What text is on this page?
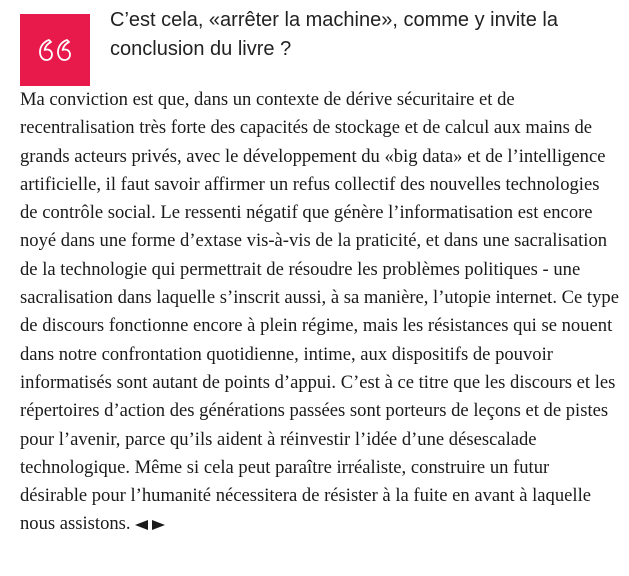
C’est cela, «arrêter la machine», comme y invite la conclusion du livre ?

Ma conviction est que, dans un contexte de dérive sécuritaire et de recentralisation très forte des capacités de stockage et de calcul aux mains de grands acteurs privés, avec le développement du «big data» et de l’intelligence artificielle, il faut savoir affirmer un refus collectif des nouvelles technologies de contrôle social. Le ressenti négatif que génère l’informatisation est encore noyé dans une forme d’extase vis-à-vis de la praticité, et dans une sacralisation de la technologie qui permettrait de résoudre les problèmes politiques - une sacralisation dans laquelle s’inscrit aussi, à sa manière, l’utopie internet. Ce type de discours fonctionne encore à plein régime, mais les résistances qui se nouent dans notre confrontation quotidienne, intime, aux dispositifs de pouvoir informatisés sont autant de points d’appui. C’est à ce titre que les discours et les répertoires d’action des générations passées sont porteurs de leçons et de pistes pour l’avenir, parce qu’ils aident à réinvestir l’idée d’une désescalade technologique. Même si cela peut paraître irréaliste, construire un futur désirable pour l’humanité nécessitera de résister à la fuite en avant à laquelle nous assistons.
